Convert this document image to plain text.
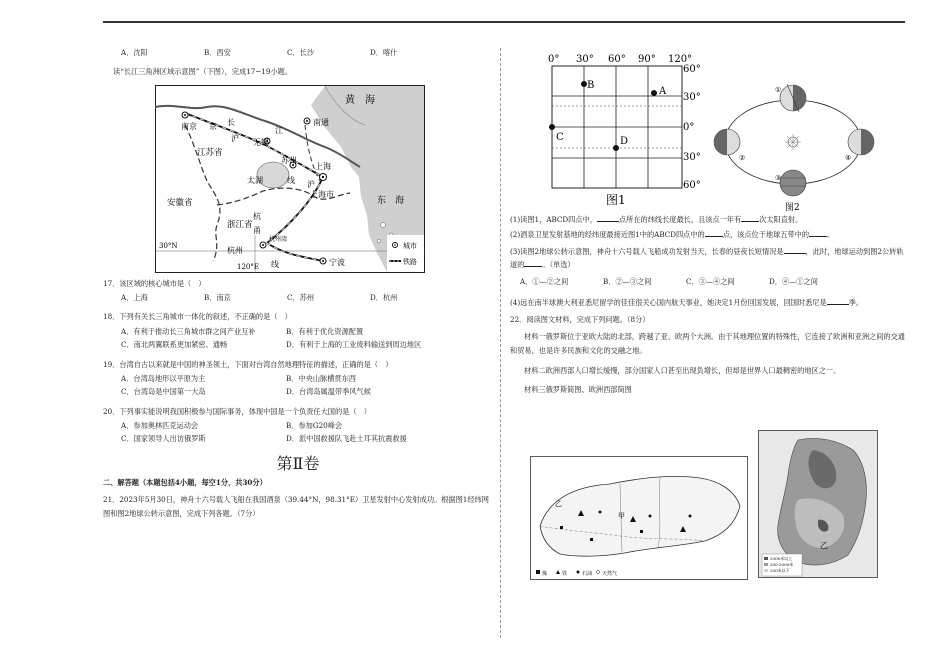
A．沈阳	B．西安	C．长沙	D．喀什
读“长江三角洲区域示意图”（下图），完成17~19小题。
黄　海
东　海
南京	南通
无锡
苏州
上海
上海市
杭州
宁波
江苏省
安徽省
浙江省
京
沪
江
长
线
太湖	沪
杭
甬
杭州湾
线
30°N
120°E
城市
铁路
17．该区域的核心城市是（　）
A．上海	B．南京	C．苏州	D．杭州
18．下列有关长三角城市一体化的叙述，不正确的是（　）
A．有利于推动长三角城市群之间产业互补	B．有利于优化资源配置
C．南北两翼联系更加紧密、通畅	D．有利于上海的工业废料输送到周边地区
19．台湾自古以来就是中国的神圣领土，下面对台湾自然地理特征的描述，正确的是（　）
A．台湾岛地形以平原为主	B．中央山脉横贯东西
C．台湾岛是中国第一大岛	D．台湾岛属温带季风气候
20．下列事实能说明我国积极参与国际事务，体现中国是一个负责任大国的是（　）
A．参加奥林匹克运动会	B．参加G20峰会
C．国家领导人出访俄罗斯	D．派中国救援队飞赴土耳其抗震救援
第Ⅱ卷
二、解答题（本题包括4小题，每空1分，共30分）
21．2023年5月30日，神舟十六号载人飞船在我国酒泉（39.44°N，98.31°E）卫星发射中心发射成功。根据图1经纬网图和图2地球公转示意图，完成下列各题。（7分）
0° 30° 60° 90° 120°
60°
30°
0°
30°
60°
A
B
C	D
图1
①
②
③
④
图2
(1)读图1，ABCD四点中，	点所在的纬线长度最长，且该点一年有	次太阳直射。
(2)酒泉卫星发射基地的经纬度最接近图1中的ABCD四点中的	点，该点位于地球五带中的	。
(3)读图2地球公转示意图，神舟十六号载人飞船成功发射当天，长春的昼夜长短情况是	，此时，地球运动到图2公转轨道的	。（单选）
A．①—②之间	B．②—③之间	C．③—④之间	D．④—①之间
(4)远在南半球澳大利亚悉尼留学的佳佳很关心国内航天事业，她决定1月份回国发展，回国时悉尼是	季。
22．阅读图文材料，完成下列问题。（8分）
材料一俄罗斯位于亚欧大陆的北部，跨越了亚、欧两个大洲。由于其地理位置的特殊性，它连接了欧洲和亚洲之间的交通和贸易，也是许多民族和文化的交融之地。
材料二欧洲西部人口增长缓慢，部分国家人口甚至出现负增长，但却是世界人口最稠密的地区之一。
材料三俄罗斯简图、欧洲西部简图
甲
乙
煤	铁	石油 天然气
乙
2000米以上
200-2000米
200米以下
